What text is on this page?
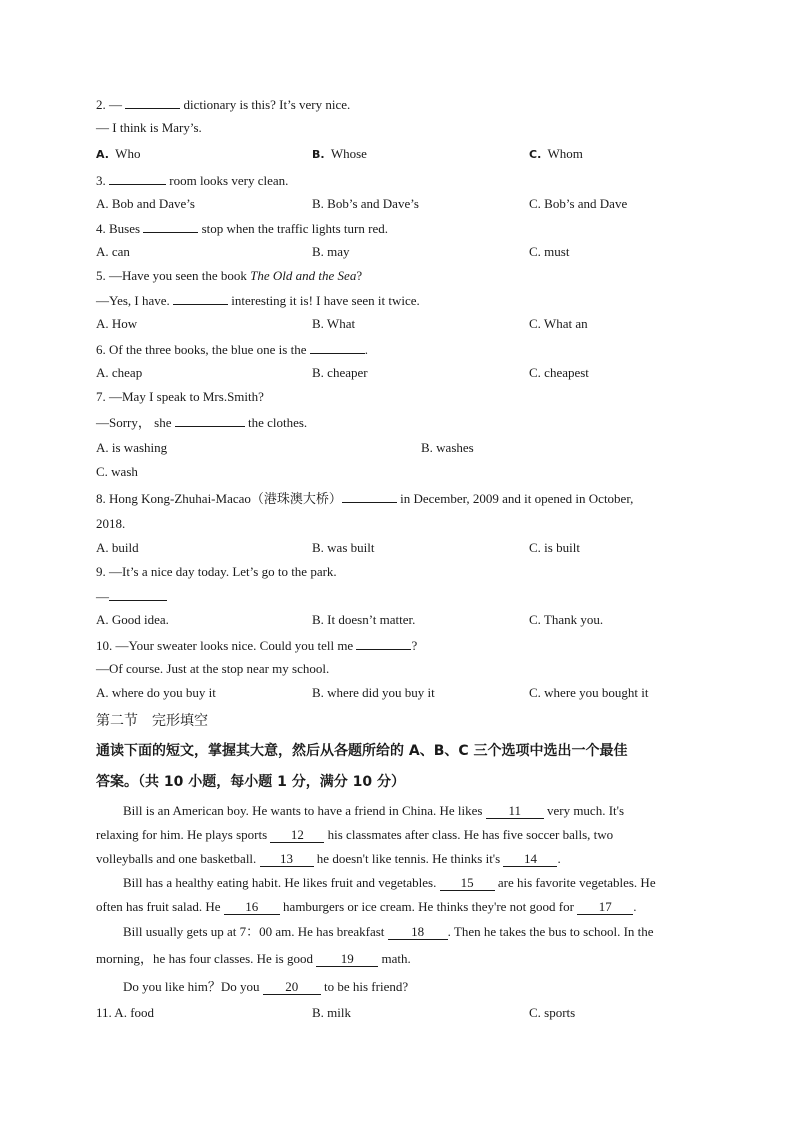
2. —	dictionary is this? It’s very nice.
— I think is Mary’s.
A. Who	B. Whose	C. Whom
3.	room looks very clean.
A. Bob and Dave’s	B. Bob’s and Dave’s	C. Bob’s and Dave
4. Buses	stop when the traffic lights turn red.
A. can	B. may	C. must
5. —Have you seen the book The Old and the Sea?
—Yes, I have.	interesting it is! I have seen it twice.
A. How	B. What	C. What an
6. Of the three books, the blue one is the	.
A. cheap	B. cheaper	C. cheapest
7. —May I speak to Mrs.Smith?
—Sorry， she	the clothes.
A. is washing	B. washes
C. wash
8. Hong Kong-Zhuhai-Macao（港珠澳大桥）	in December, 2009 and it opened in October,
2018.
A. build	B. was built	C. is built
9. —It’s a nice day today. Let’s go to the park.
—
A. Good idea.	B. It doesn’t matter.	C. Thank you.
10. —Your sweater looks nice. Could you tell me	?
—Of course. Just at the stop near my school.
A. where do you buy it	B. where did you buy it	C. where you bought it
第二节　完形填空
通读下面的短文，掌握其大意，然后从各题所给的 A、B、C 三个选项中选出一个最佳
答案。（共 10 小题，每小题 1 分，满分 10 分）
Bill is an American boy. He wants to have a friend in China. He likes 11 very much. It's
relaxing for him. He plays sports 12 his classmates after class. He has five soccer balls, two
volleyballs and one basketball. 13 he doesn't like tennis. He thinks it's 14 .
Bill has a healthy eating habit. He likes fruit and vegetables. 15 are his favorite vegetables. He
often has fruit salad. He 16 hamburgers or ice cream. He thinks they're not good for 17 .
Bill usually gets up at 7：00 am. He has breakfast 18 . Then he takes the bus to school. In the
morning，he has four classes. He is good 19 math.
Do you like him？Do you 20 to be his friend?
11. A. food	B. milk	C. sports
